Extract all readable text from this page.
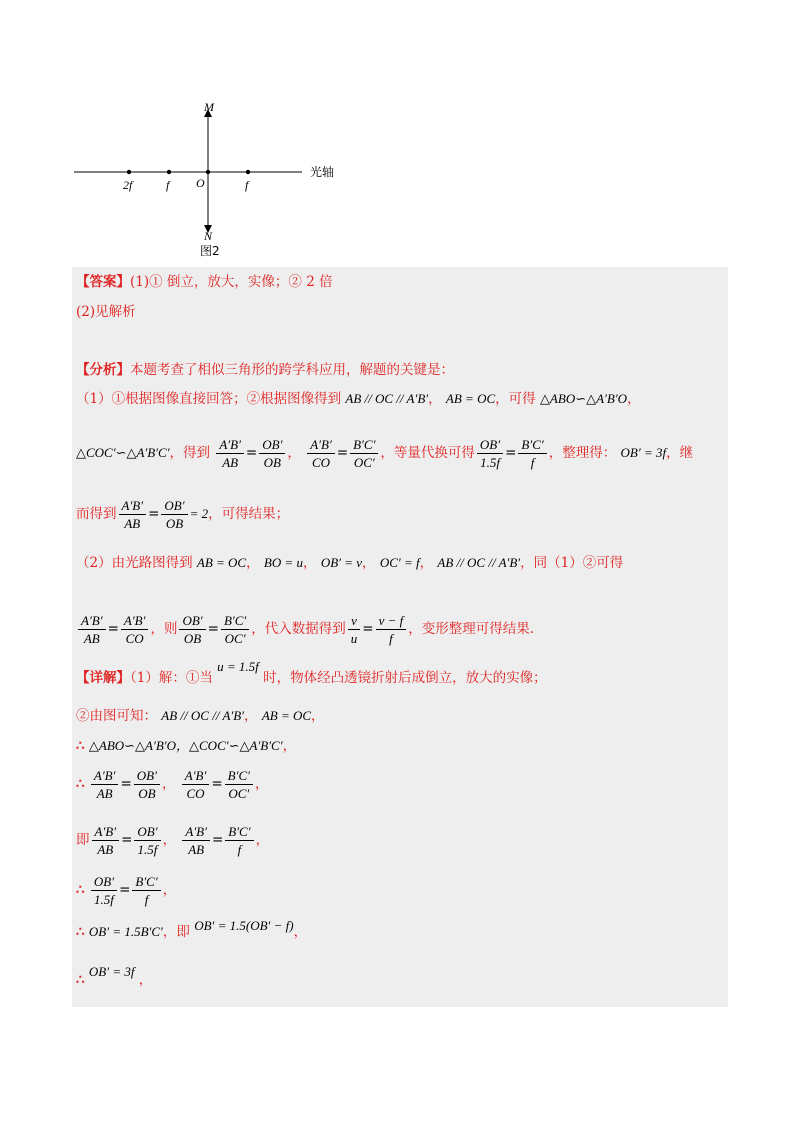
M
N
O
2f	f	f
光轴
图2
【答案】(1)① 倒立，放大，实像；② 2 倍
(2)见解析
【分析】本题考查了相似三角形的跨学科应用，解题的关键是：
（1）①根据图像直接回答；②根据图像得到 AB // OC // A′B′， AB = OC，可得 △ABO∽△A′B′O，
△COC′∽△A′B′C′，得到 $\frac{A'B'}{AB} = \frac{OB'}{OB}$ ， $\frac{A'B'}{CO} = \frac{B'C'}{OC'}$ ，等量代换可得 $\frac{OB'}{1.5f} = \frac{B'C'}{f}$ ，整理得： OB′ = 3f，继
而得到 $\frac{A'B'}{AB} = \frac{OB'}{OB} = 2$，可得结果；
（2）由光路图得到 AB = OC， BO = u， OB′ = v， OC′ = f， AB // OC // A′B′，同（1）②可得
$\frac{A'B'}{AB} = \frac{A'B'}{CO}$ ，则 $\frac{OB'}{OB} = \frac{B'C'}{OC'}$ ，代入数据得到 $\frac{v}{u} = \frac{v - f}{f}$ ，变形整理可得结果.
【详解】（1）解：①当 u = 1.5f 时，物体经凸透镜折射后成倒立，放大的实像；
②由图可知： AB // OC // A′B′， AB = OC，
∴ △ABO∽△A′B′O，△COC′∽△A′B′C′，
∴ $\frac{A'B'}{AB} = \frac{OB'}{OB}$ ， $\frac{A'B'}{CO} = \frac{B'C'}{OC'}$ ，
即 $\frac{A'B'}{AB} = \frac{OB'}{1.5f}$ ， $\frac{A'B'}{AB} = \frac{B'C'}{f}$ ，
∴ $\frac{OB'}{1.5f} = \frac{B'C'}{f}$ ，
∴ OB′ = 1.5B′C′，即 OB′ = 1.5(OB′ − f)，
∴ OB′ = 3f ，
